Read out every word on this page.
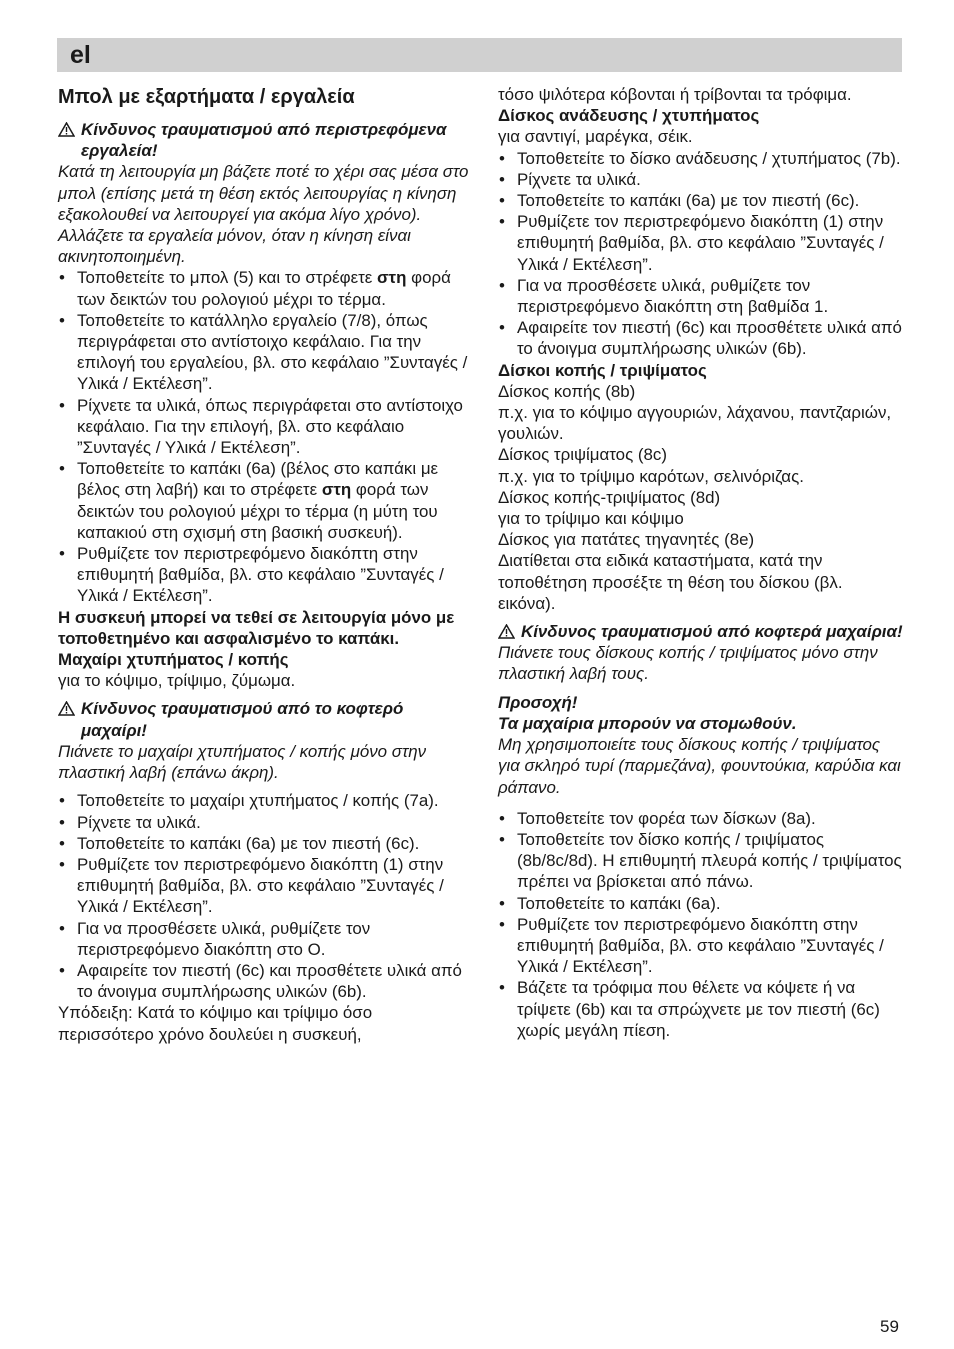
el
Μπολ με εξαρτήματα / εργαλεία

Κίνδυνος τραυματισμού από περιστρεφόμενα εργαλεία!

Κατά τη λειτουργία μη βάζετε ποτέ το χέρι σας μέσα στο μπολ (επίσης μετά τη θέση εκτός λειτουργίας η κίνηση εξακολουθεί να λειτουργεί για ακόμα λίγο χρόνο).

Αλλάζετε τα εργαλεία μόνον, όταν η κίνηση είναι ακινητοποιημένη.

• Τοποθετείτε το μπολ (5) και το στρέφετε στη φορά των δεικτών του ρολογιού μέχρι το τέρμα.
• Τοποθετείτε το κατάλληλο εργαλείο (7/8), όπως περιγράφεται στο αντίστοιχο κεφάλαιο. Για την επιλογή του εργαλείου, βλ. στο κεφάλαιο ”Συνταγές / Υλικά / Εκτέλεση”.
• Ρίχνετε τα υλικά, όπως περιγράφεται στο αντίστοιχο κεφάλαιο. Για την επιλογή, βλ. στο κεφάλαιο ”Συνταγές / Υλικά / Εκτέλεση”.
• Τοποθετείτε το καπάκι (6a) (βέλος στο καπάκι με βέλος στη λαβή) και το στρέφετε στη φορά των δεικτών του ρολογιού μέχρι το τέρμα (η μύτη του καπακιού στη σχισμή στη βασική συσκευή).
• Ρυθμίζετε τον περιστρεφόμενο διακόπτη στην επιθυμητή βαθμίδα, βλ. στο κεφάλαιο ”Συνταγές / Υλικά / Εκτέλεση”.

Η συσκευή μπορεί να τεθεί σε λειτουργία μόνο με τοποθετημένο και ασφαλισμένο το καπάκι.

Μαχαίρι χτυπήματος / κοπής

για το κόψιμο, τρίψιμο, ζύμωμα.

Κίνδυνος τραυματισμού από το κοφτερό μαχαίρι!

Πιάνετε το μαχαίρι χτυπήματος / κοπής μόνο στην πλαστική λαβή (επάνω άκρη).

• Τοποθετείτε το μαχαίρι χτυπήματος / κοπής (7a).
• Ρίχνετε τα υλικά.
• Τοποθετείτε το καπάκι (6a) με τον πιεστή (6c).
• Ρυθμίζετε τον περιστρεφόμενο διακόπτη (1) στην επιθυμητή βαθμίδα, βλ. στο κεφάλαιο ”Συνταγές / Υλικά / Εκτέλεση”.
• Για να προσθέσετε υλικά, ρυθμίζετε τον περιστρεφόμενο διακόπτη στο O.
• Αφαιρείτε τον πιεστή (6c) και προσθέτετε υλικά από το άνοιγμα συμπλήρωσης υλικών (6b).

Υπόδειξη: Κατά το κόψιμο και τρίψιμο όσο περισσότερο χρόνο δουλεύει η συσκευή,

τόσο ψιλότερα κόβονται ή τρίβονται τα τρόφιμα.

Δίσκος ανάδευσης / χτυπήματος

για σαντιγί, μαρέγκα, σέικ.

• Τοποθετείτε το δίσκο ανάδευσης / χτυπήματος (7b).
• Ρίχνετε τα υλικά.
• Τοποθετείτε το καπάκι (6a) με τον πιεστή (6c).
• Ρυθμίζετε τον περιστρεφόμενο διακόπτη (1) στην επιθυμητή βαθμίδα, βλ. στο κεφάλαιο ”Συνταγές / Υλικά / Εκτέλεση”.
• Για να προσθέσετε υλικά, ρυθμίζετε τον περιστρεφόμενο διακόπτη στη βαθμίδα 1.
• Αφαιρείτε τον πιεστή (6c) και προσθέτετε υλικά από το άνοιγμα συμπλήρωσης υλικών (6b).

Δίσκοι κοπής / τριψίματος

Δίσκος κοπής (8b)

π.χ. για το κόψιμο αγγουριών, λάχανου, παντζαριών, γουλιών.

Δίσκος τριψίματος (8c)

π.χ. για το τρίψιμο καρότων, σελινόριζας.

Δίσκος κοπής-τριψίματος (8d)

για το τρίψιμο και κόψιμο

Δίσκος για πατάτες τηγανητές (8e)

Διατίθεται στα ειδικά καταστήματα, κατά την τοποθέτηση προσέξτε τη θέση του δίσκου (βλ. εικόνα).

Κίνδυνος τραυματισμού από κοφτερά μαχαίρια!

Πιάνετε τους δίσκους κοπής / τριψίματος μόνο στην πλαστική λαβή τους.

Προσοχή!

Τα μαχαίρια μπορούν να στομωθούν.

Μη χρησιμοποιείτε τους δίσκους κοπής / τριψίματος για σκληρό τυρί (παρμεζάνα), φουντούκια, καρύδια και ράπανο.

• Τοποθετείτε τον φορέα των δίσκων (8a).
• Τοποθετείτε τον δίσκο κοπής / τριψίματος (8b/8c/8d). Η επιθυμητή πλευρά κοπής / τριψίματος πρέπει να βρίσκεται από πάνω.
• Τοποθετείτε το καπάκι (6a).
• Ρυθμίζετε τον περιστρεφόμενο διακόπτη στην επιθυμητή βαθμίδα, βλ. στο κεφάλαιο ”Συνταγές / Υλικά / Εκτέλεση”.
• Βάζετε τα τρόφιμα που θέλετε να κόψετε ή να τρίψετε (6b) και τα σπρώχνετε με τον πιεστή (6c) χωρίς μεγάλη πίεση.
59
